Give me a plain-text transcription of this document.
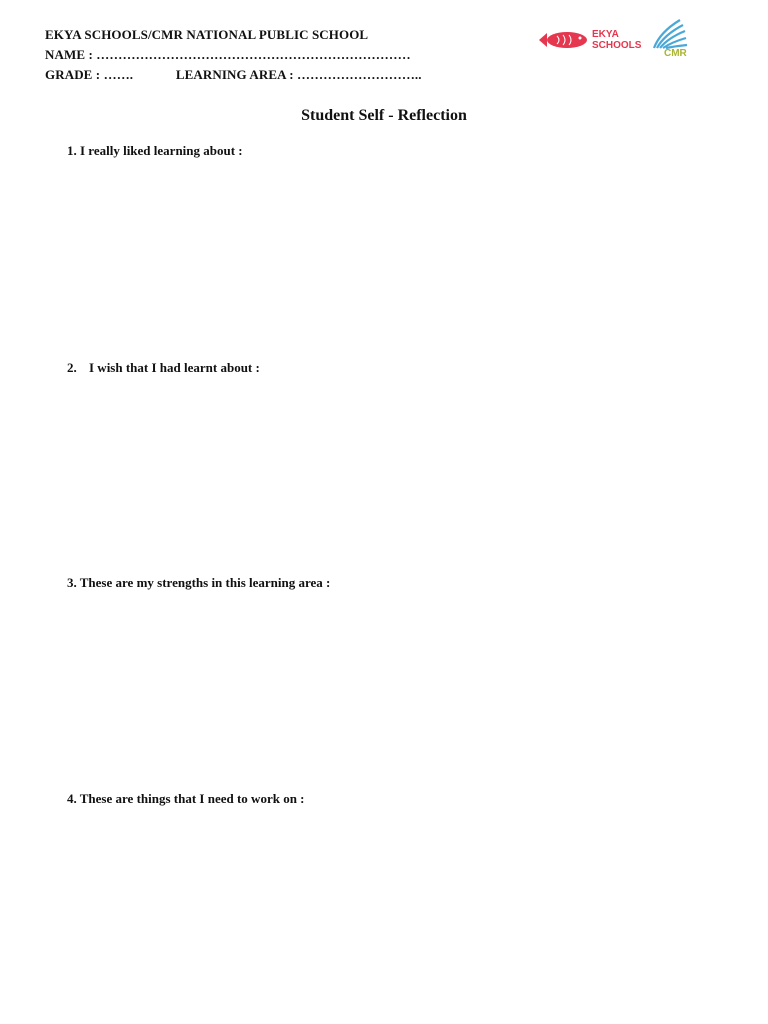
EKYA SCHOOLS/CMR NATIONAL PUBLIC SCHOOL
NAME : ………………………………………………………………
GRADE : …….	LEARNING AREA : ………………………..
EKYA
SCHOOLS
CMR
Student Self - Reflection
1. I really liked learning about :
2. I wish that I had learnt about :
3. These are my strengths in this learning area :
4. These are things that I need to work on :
